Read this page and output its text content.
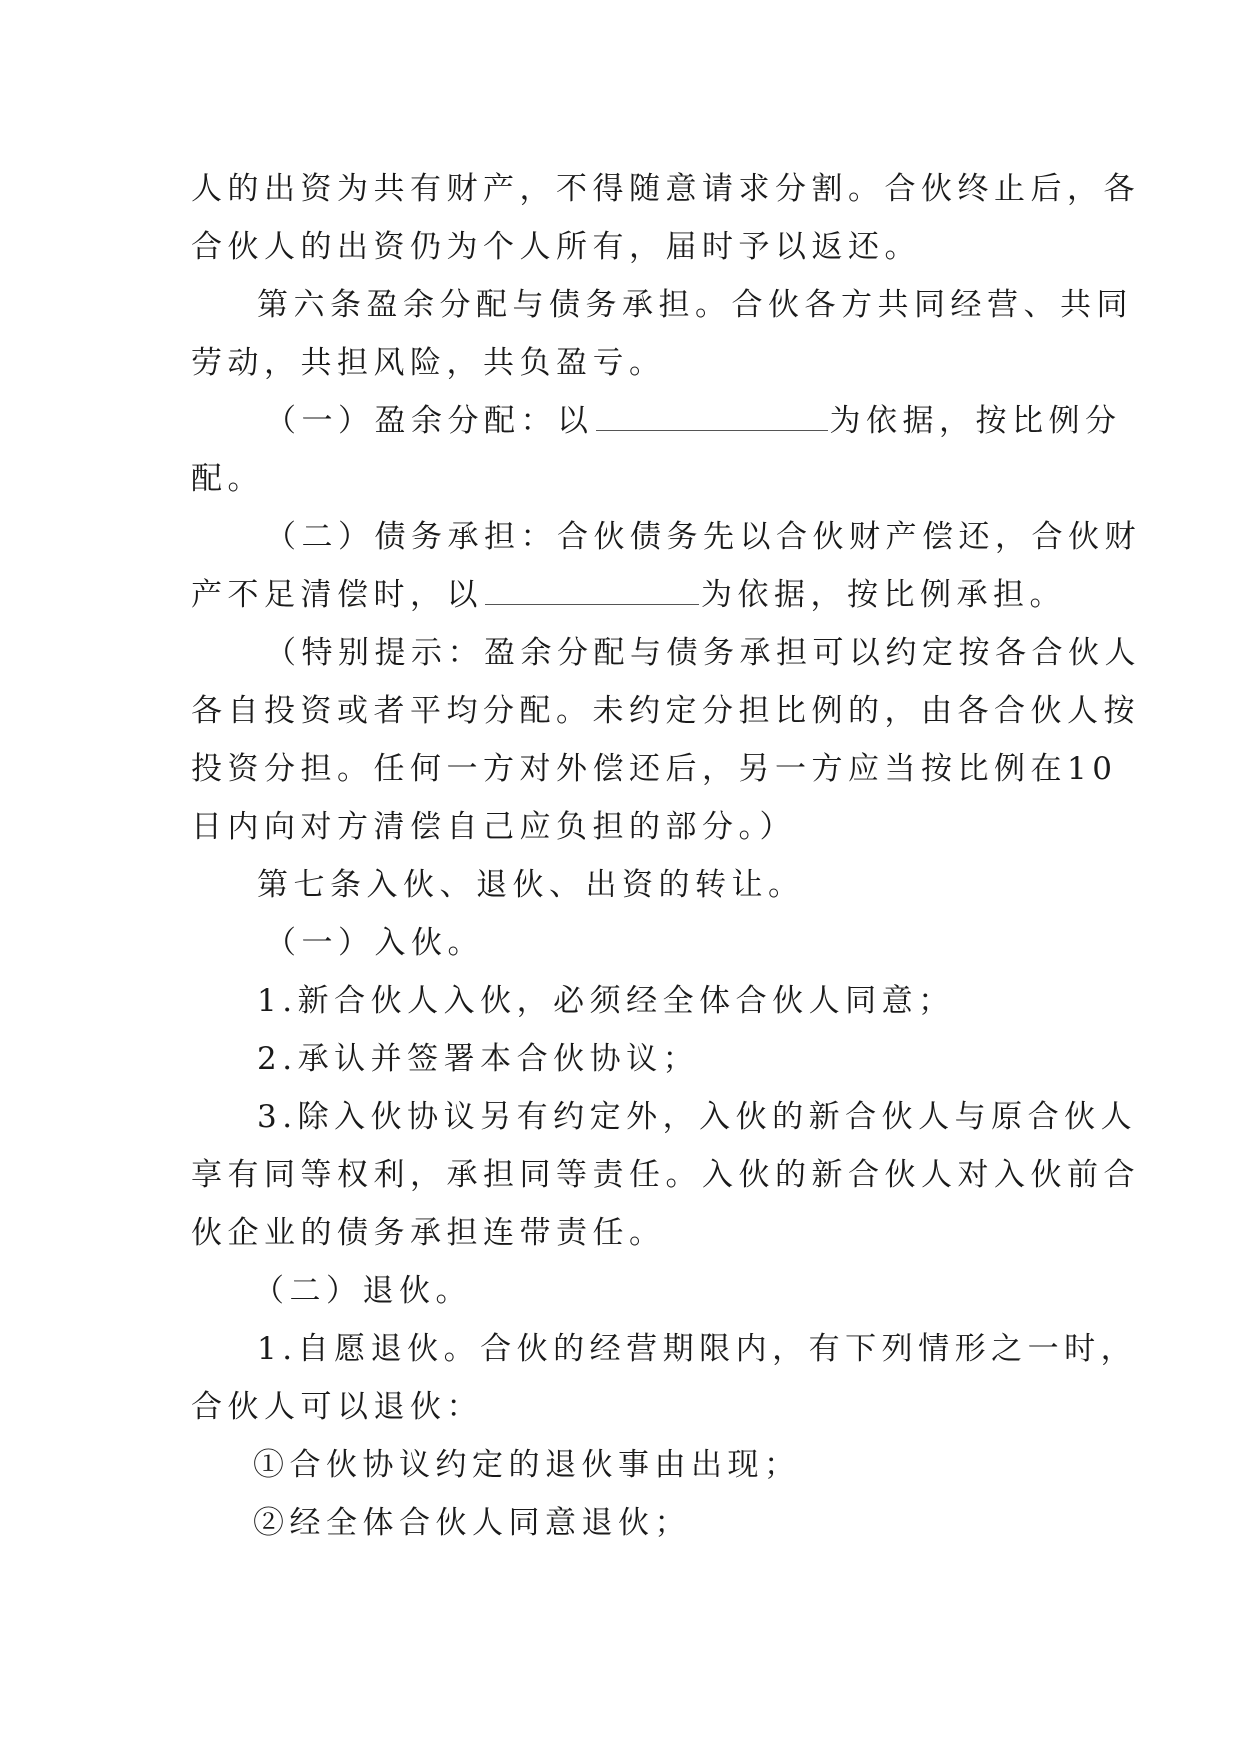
人的出资为共有财产，不得随意请求分割。合伙终止后，各
合伙人的出资仍为个人所有，届时予以返还。
第六条盈余分配与债务承担。合伙各方共同经营、共同
劳动，共担风险，共负盈亏。
（一）盈余分配：以	为依据，按比例分
配。
（二）债务承担：合伙债务先以合伙财产偿还，合伙财
产不足清偿时，以	为依据，按比例承担。
（特别提示：盈余分配与债务承担可以约定按各合伙人
各自投资或者平均分配。未约定分担比例的，由各合伙人按
投资分担。任何一方对外偿还后，另一方应当按比例在10
日内向对方清偿自己应负担的部分。）
第七条入伙、退伙、出资的转让。
（一）入伙。
1.新合伙人入伙，必须经全体合伙人同意；
2.承认并签署本合伙协议；
3.除入伙协议另有约定外，入伙的新合伙人与原合伙人
享有同等权利，承担同等责任。入伙的新合伙人对入伙前合
伙企业的债务承担连带责任。
（二）退伙。
1.自愿退伙。合伙的经营期限内，有下列情形之一时，
合伙人可以退伙：
①合伙协议约定的退伙事由出现；
②经全体合伙人同意退伙；
